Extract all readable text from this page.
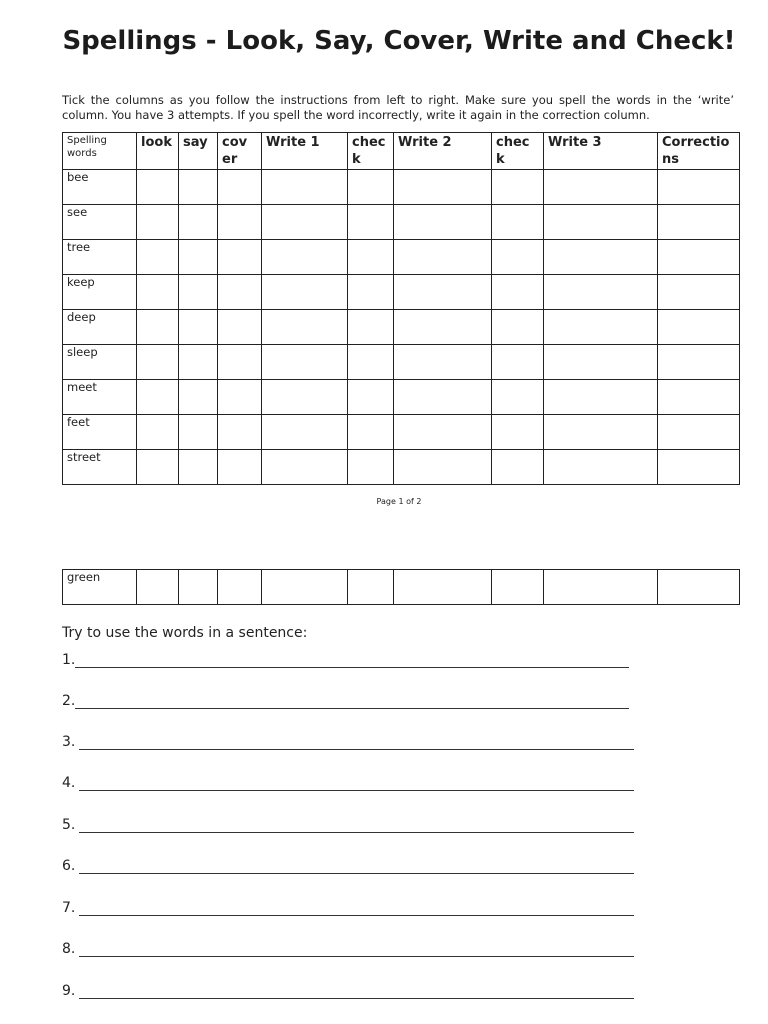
Spellings - Look, Say, Cover, Write and Check!

Tick the columns as you follow the instructions from left to right. Make sure you spell the words in the ‘write’ column. You have 3 attempts. If you spell the word incorrectly, write it again in the correction column.

Spelling words	look	say	cov er	Write 1	chec k	Write 2	chec k	Write 3	Correctio ns
bee									
see									
tree									
keep									
deep									
sleep									
meet									
feet									
street									

Page 1 of 2

green									

Try to use the words in a sentence:

1.
2.
3.
4.
5.
6.
7.
8.
9.
